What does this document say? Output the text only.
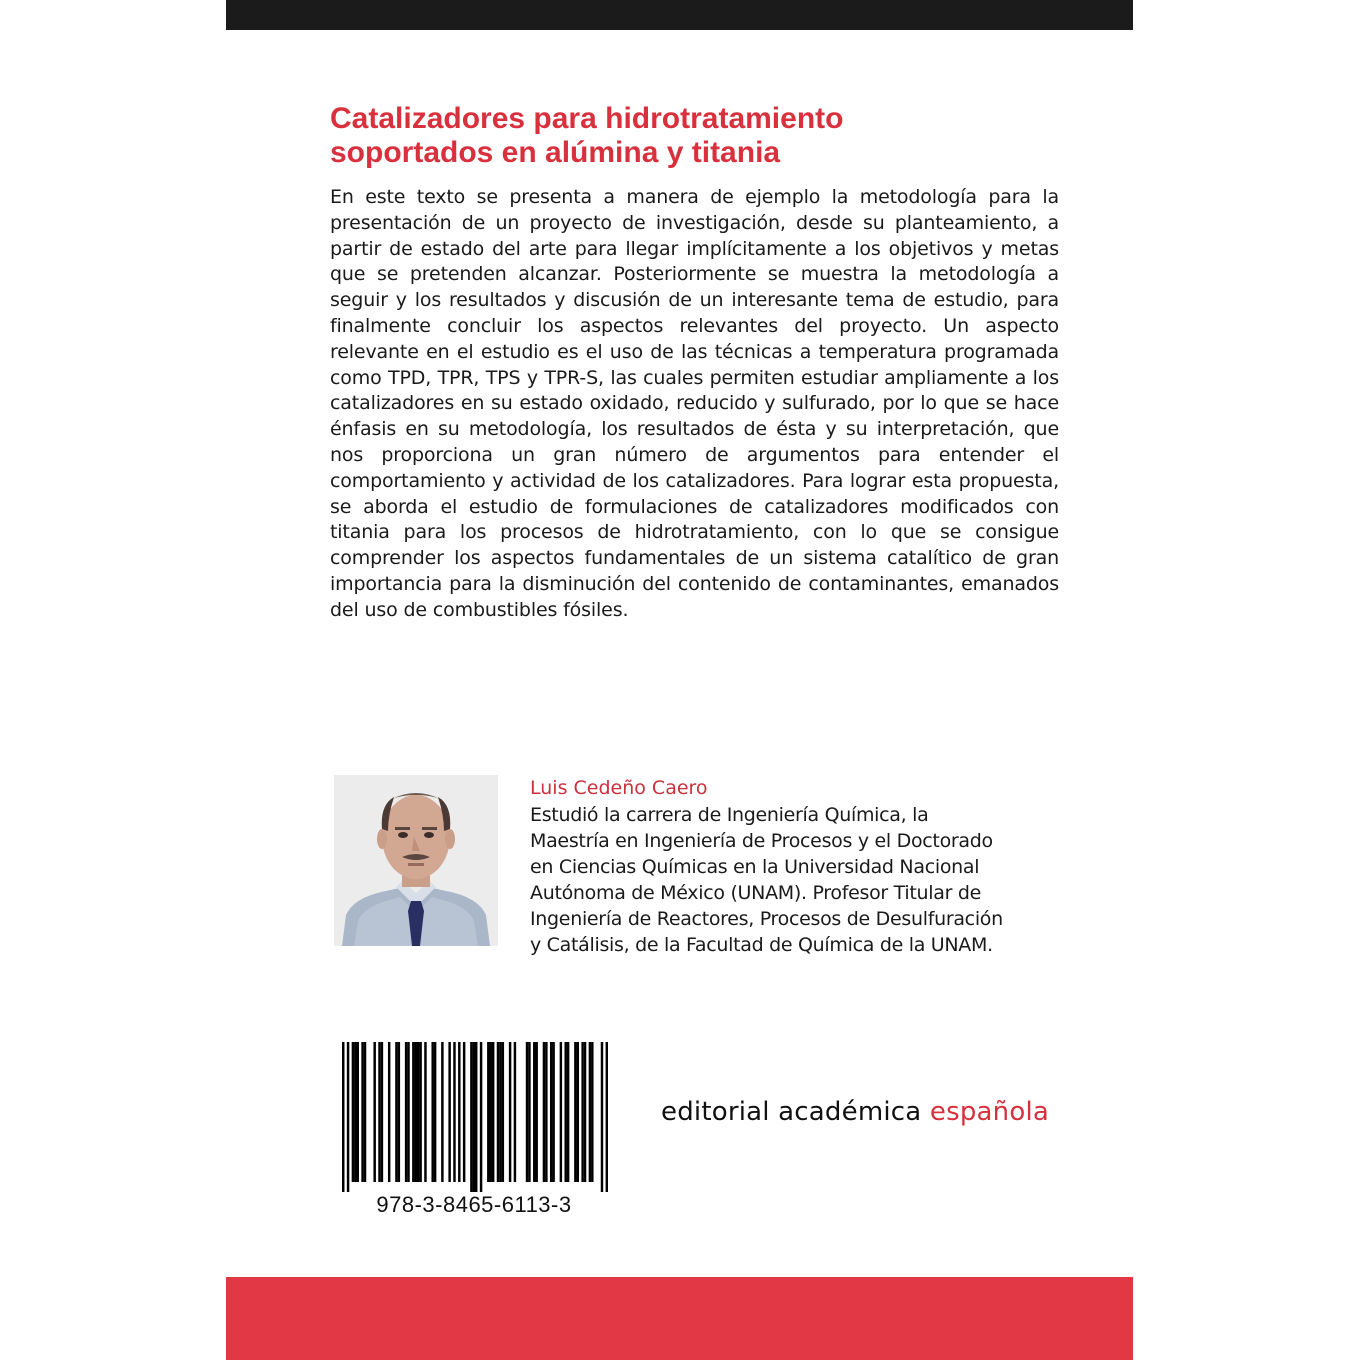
Catalizadores para hidrotratamiento
soportados en alúmina y titania

En este texto se presenta a manera de ejemplo la metodología para la presentación de un proyecto de investigación, desde su planteamiento, a partir de estado del arte para llegar implícitamente a los objetivos y metas que se pretenden alcanzar. Posteriormente se muestra la metodología a seguir y los resultados y discusión de un interesante tema de estudio, para finalmente concluir los aspectos relevantes del proyecto. Un aspecto relevante en el estudio es el uso de las técnicas a temperatura programada como TPD, TPR, TPS y TPR-S, las cuales permiten estudiar ampliamente a los catalizadores en su estado oxidado, reducido y sulfurado, por lo que se hace énfasis en su metodología, los resultados de ésta y su interpretación, que nos proporciona un gran número de argumentos para entender el comportamiento y actividad de los catalizadores. Para lograr esta propuesta, se aborda el estudio de formulaciones de catalizadores modificados con titania para los procesos de hidrotratamiento, con lo que se consigue comprender los aspectos fundamentales de un sistema catalítico de gran importancia para la disminución del contenido de contaminantes, emanados del uso de combustibles fósiles.

Luis Cedeño Caero

Estudió la carrera de Ingeniería Química, la
Maestría en Ingeniería de Procesos y el Doctorado
en Ciencias Químicas en la Universidad Nacional
Autónoma de México (UNAM). Profesor Titular de
Ingeniería de Reactores, Procesos de Desulfuración
y Catálisis, de la Facultad de Química de la UNAM.

978-3-8465-6113-3

editorial académica española
